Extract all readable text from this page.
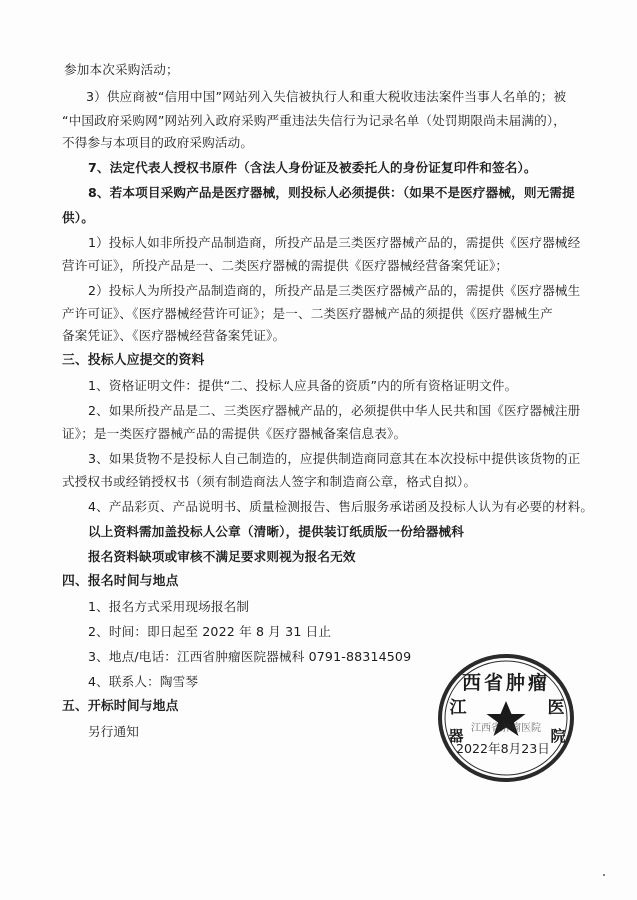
参加本次采购活动；
3）供应商被“信用中国”网站列入失信被执行人和重大税收违法案件当事人名单的；被
“中国政府采购网”网站列入政府采购严重违法失信行为记录名单（处罚期限尚未届满的），
不得参与本项目的政府采购活动。
7、法定代表人授权书原件（含法人身份证及被委托人的身份证复印件和签名）。
8、若本项目采购产品是医疗器械，则投标人必须提供：（如果不是医疗器械，则无需提
供）。
1）投标人如非所投产品制造商，所投产品是三类医疗器械产品的，需提供《医疗器械经
营许可证》，所投产品是一、二类医疗器械的需提供《医疗器械经营备案凭证》；
2）投标人为所投产品制造商的，所投产品是三类医疗器械产品的，需提供《医疗器械生
产许可证》、《医疗器械经营许可证》；是一、二类医疗器械产品的须提供《医疗器械生产
备案凭证》、《医疗器械经营备案凭证》。
三、投标人应提交的资料
1、资格证明文件：提供“二、投标人应具备的资质”内的所有资格证明文件。
2、如果所投产品是二、三类医疗器械产品的，必须提供中华人民共和国《医疗器械注册
证》；是一类医疗器械产品的需提供《医疗器械备案信息表》。
3、如果货物不是投标人自己制造的，应提供制造商同意其在本次投标中提供该货物的正
式授权书或经销授权书（须有制造商法人签字和制造商公章，格式自拟）。
4、产品彩页、产品说明书、质量检测报告、售后服务承诺函及投标人认为有必要的材料。
以上资料需加盖投标人公章（清晰），提供装订纸质版一份给器械科
报名资料缺项或审核不满足要求则视为报名无效
四、报名时间与地点
1、报名方式采用现场报名制
2、时间：即日起至 2022 年 8 月 31 日止
3、地点/电话：江西省肿瘤医院器械科 0791-88314509
4、联系人：陶雪琴
五、开标时间与地点
另行通知
西省肿瘤
江	医
器	院
江西省肿瘤医院
2022年8月23日
